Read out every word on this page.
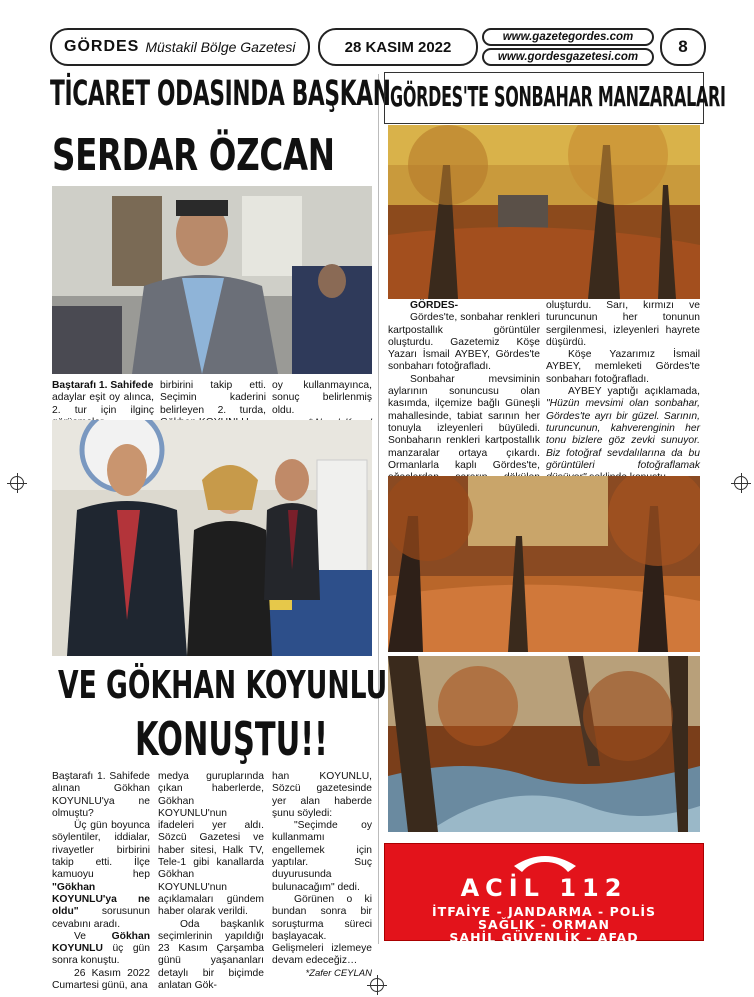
GÖRDES Müstakil Bölge Gazetesi	28 KASIM 2022
www.gazetegordes.com
www.gordesgazetesi.com
8
TİCARET ODASINDA BAŞKAN
SERDAR ÖZCAN

Baştarafı 1. Sahifede

adaylar eşit oy alınca, 2. tur için ilginç

birbirini takip etti. Seçimin kaderini belirleyen 2. turda,

oy kullanmayınca, sonuç belirlenmiş oldu.

VE GÖKHAN KOYUNLU
KONUŞTU!!

Baştarafı 1. Sahifede alınan Gökhan KOYUNLU'ya ne olmuştu?

Üç gün boyunca söylentiler, iddialar, rivayetler birbirini takip etti. İlçe kamuoyu hep "Gökhan KOYUNLU'ya ne oldu" sorusunun cevabını aradı.

Ve Gökhan KOYUNLU üç gün sonra konuştu.

26 Kasım 2022 Cumartesi günü, ana

medya guruplarında çıkan haberlerde, Gökhan KOYUNLU'nun ifadeleri yer aldı. Sözcü Gazetesi ve haber sitesi, Halk TV, Tele-1 gibi kanallarda Gökhan KOYUNLU'nun açıklamaları gündem haber olarak verildi.

Oda başkanlık seçimlerinin yapıldığı 23 Kasım Çarşamba günü yaşananları detaylı bir biçimde anlatan Gök-

han KOYUNLU, Sözcü gazetesinde yer alan haberde şunu söyledi:

"Seçimde oy kullanmamı engellemek için yaptılar. Suç duyurusunda bulunacağım" dedi.

Görünen o ki bundan sonra bir soruşturma süreci başlayacak. Gelişmeleri izlemeye devam edeceğiz…

*Zafer CEYLAN

GÖRDES'TE SONBAHAR MANZARALARI

GÖRDES-

Gördes'te, sonbahar renkleri kartpostallık görüntüler oluşturdu. Gazetemiz Köşe Yazarı İsmail AYBEY, Gördes'te sonbaharı fotoğrafladı.

Sonbahar mevsiminin aylarının sonuncusu olan kasımda, ilçemize bağlı Güneşli mahallesinde, tabiat sarının her tonuyla izleyenleri büyüledi. Sonbaharın renkleri kartpostallık manzaralar ortaya çıkardı. Ormanlarla kaplı Gördes'te,

oluşturdu. Sarı, kırmızı ve turuncunun her tonunun sergilenmesi, izleyenleri hayrete düşürdü.

Köşe Yazarımız İsmail AYBEY, memleketi Gördes'te sonbaharı fotoğrafladı.

AYBEY yaptığı açıklamada, "Hüzün mevsimi olan sonbahar, Gördes'te ayrı bir güzel. Sarının, turuncunun, kahverenginin her tonu bizlere göz zevki sunuyor. Biz fotoğraf sevdalılarına da bu görüntüleri fotoğraflamak

ACİL 112
İTFAİYE - JANDARMA - POLİS
SAĞLIK - ORMAN
SAHİL GÜVENLİK - AFAD
